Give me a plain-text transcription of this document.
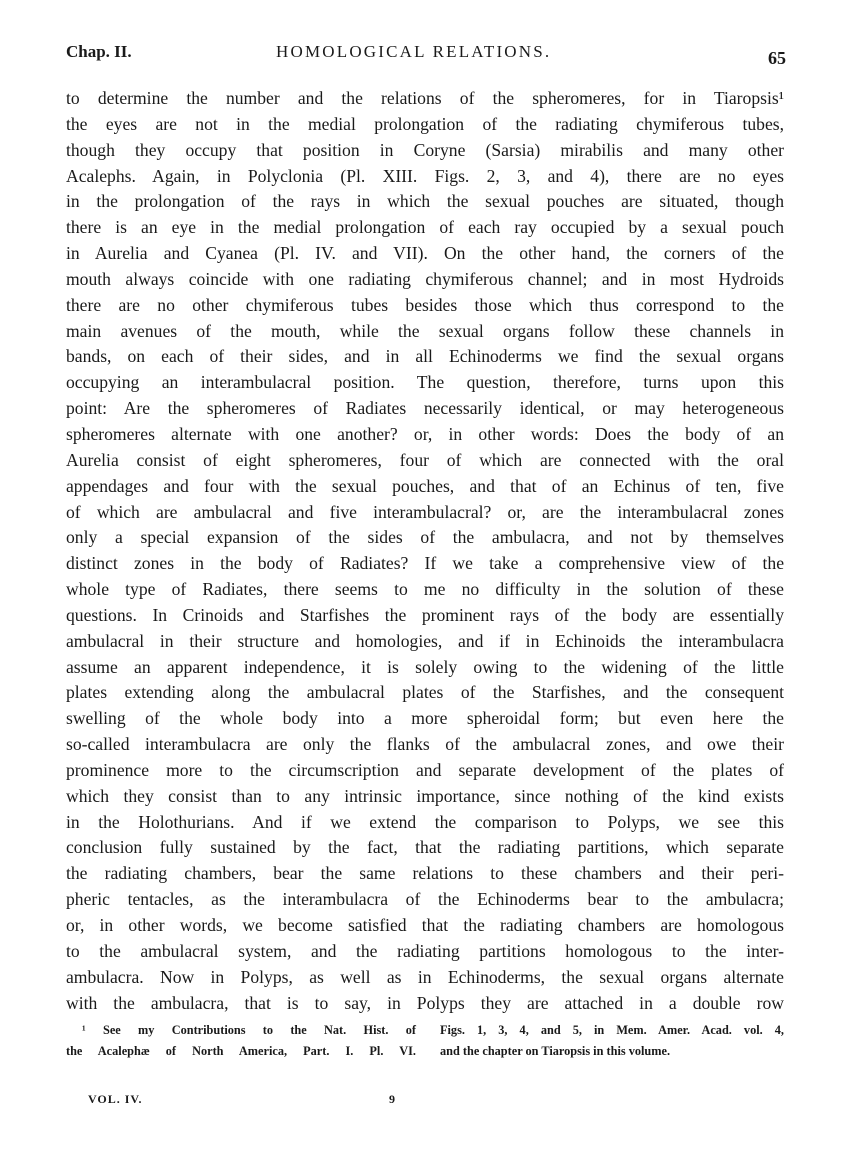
Chap. II.	HOMOLOGICAL RELATIONS.	65
to determine the number and the relations of the spheromeres, for in Tiaropsis¹
the eyes are not in the medial prolongation of the radiating chymiferous tubes,
though they occupy that position in Coryne (Sarsia) mirabilis and many other
Acalephs. Again, in Polyclonia (Pl. XIII. Figs. 2, 3, and 4), there are no eyes
in the prolongation of the rays in which the sexual pouches are situated, though
there is an eye in the medial prolongation of each ray occupied by a sexual pouch
in Aurelia and Cyanea (Pl. IV. and VII). On the other hand, the corners of the
mouth always coincide with one radiating chymiferous channel; and in most Hydroids
there are no other chymiferous tubes besides those which thus correspond to the
main avenues of the mouth, while the sexual organs follow these channels in
bands, on each of their sides, and in all Echinoderms we find the sexual organs
occupying an interambulacral position. The question, therefore, turns upon this
point: Are the spheromeres of Radiates necessarily identical, or may heterogeneous
spheromeres alternate with one another? or, in other words: Does the body of an
Aurelia consist of eight spheromeres, four of which are connected with the oral
appendages and four with the sexual pouches, and that of an Echinus of ten, five
of which are ambulacral and five interambulacral? or, are the interambulacral zones
only a special expansion of the sides of the ambulacra, and not by themselves
distinct zones in the body of Radiates? If we take a comprehensive view of the
whole type of Radiates, there seems to me no difficulty in the solution of these
questions. In Crinoids and Starfishes the prominent rays of the body are essentially
ambulacral in their structure and homologies, and if in Echinoids the interambulacra
assume an apparent independence, it is solely owing to the widening of the little
plates extending along the ambulacral plates of the Starfishes, and the consequent
swelling of the whole body into a more spheroidal form; but even here the
so-called interambulacra are only the flanks of the ambulacral zones, and owe their
prominence more to the circumscription and separate development of the plates of
which they consist than to any intrinsic importance, since nothing of the kind exists
in the Holothurians. And if we extend the comparison to Polyps, we see this
conclusion fully sustained by the fact, that the radiating partitions, which separate
the radiating chambers, bear the same relations to these chambers and their peri-
pheric tentacles, as the interambulacra of the Echinoderms bear to the ambulacra;
or, in other words, we become satisfied that the radiating chambers are homologous
to the ambulacral system, and the radiating partitions homologous to the inter-
ambulacra. Now in Polyps, as well as in Echinoderms, the sexual organs alternate
with the ambulacra, that is to say, in Polyps they are attached in a double row
¹ See my Contributions to the Nat. Hist. of
the Acalephæ of North America, Part. I. Pl. VI.
Figs. 1, 3, 4, and 5, in Mem. Amer. Acad. vol. 4,
and the chapter on Tiaropsis in this volume.
VOL. IV.	9
